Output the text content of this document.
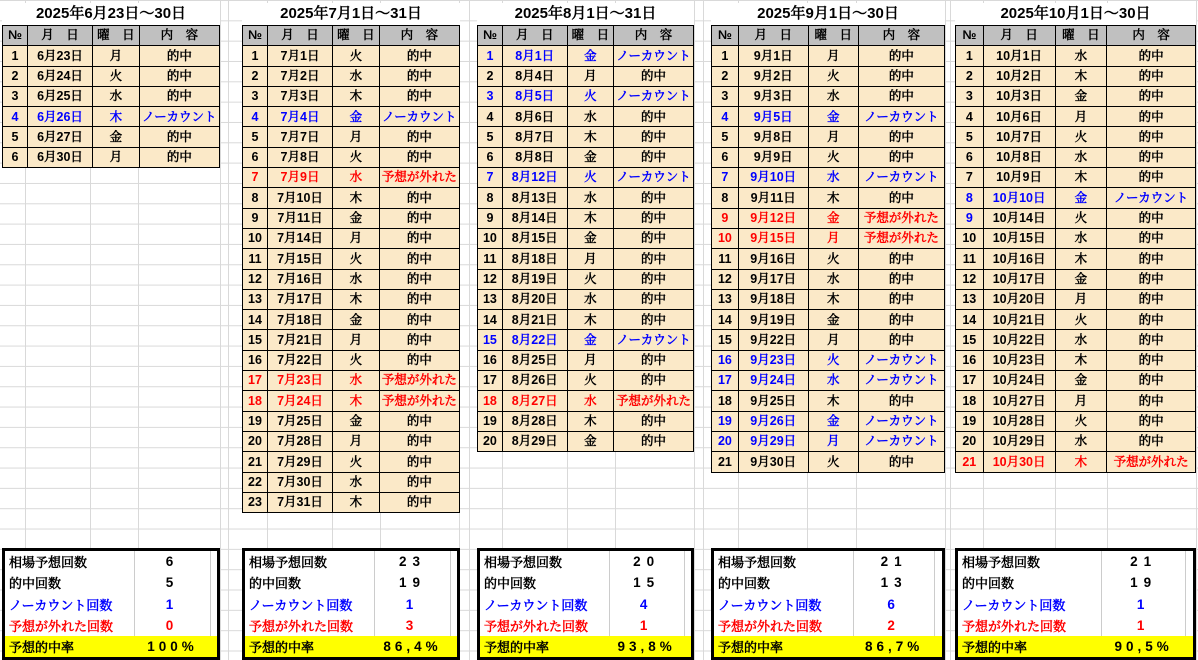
2025年6月23日〜30日
№	月　日	曜　日	内　容
1	6月23日	月	的中
2	6月24日	火	的中
3	6月25日	水	的中
4	6月26日	木	ノーカウント
5	6月27日	金	的中
6	6月30日	月	的中
相場予想回数	6
的中回数	5
ノーカウント回数	1
予想が外れた回数	0
予想的中率	100%
2025年7月1日〜31日
№	月　日	曜　日	内　容
1	7月1日	火	的中
2	7月2日	水	的中
3	7月3日	木	的中
4	7月4日	金	ノーカウント
5	7月7日	月	的中
6	7月8日	火	的中
7	7月9日	水	予想が外れた
8	7月10日	木	的中
9	7月11日	金	的中
10	7月14日	月	的中
11	7月15日	火	的中
12	7月16日	水	的中
13	7月17日	木	的中
14	7月18日	金	的中
15	7月21日	月	的中
16	7月22日	火	的中
17	7月23日	水	予想が外れた
18	7月24日	木	予想が外れた
19	7月25日	金	的中
20	7月28日	月	的中
21	7月29日	火	的中
22	7月30日	水	的中
23	7月31日	木	的中
相場予想回数	23
的中回数	19
ノーカウント回数	1
予想が外れた回数	3
予想的中率	86,4%
2025年8月1日〜31日
№	月　日	曜　日	内　容
1	8月1日	金	ノーカウント
2	8月4日	月	的中
3	8月5日	火	ノーカウント
4	8月6日	水	的中
5	8月7日	木	的中
6	8月8日	金	的中
7	8月12日	火	ノーカウント
8	8月13日	水	的中
9	8月14日	木	的中
10	8月15日	金	的中
11	8月18日	月	的中
12	8月19日	火	的中
13	8月20日	水	的中
14	8月21日	木	的中
15	8月22日	金	ノーカウント
16	8月25日	月	的中
17	8月26日	火	的中
18	8月27日	水	予想が外れた
19	8月28日	木	的中
20	8月29日	金	的中
相場予想回数	20
的中回数	15
ノーカウント回数	4
予想が外れた回数	1
予想的中率	93,8%
2025年9月1日〜30日
№	月　日	曜　日	内　容
1	9月1日	月	的中
2	9月2日	火	的中
3	9月3日	水	的中
4	9月5日	金	ノーカウント
5	9月8日	月	的中
6	9月9日	火	的中
7	9月10日	水	ノーカウント
8	9月11日	木	的中
9	9月12日	金	予想が外れた
10	9月15日	月	予想が外れた
11	9月16日	火	的中
12	9月17日	水	的中
13	9月18日	木	的中
14	9月19日	金	的中
15	9月22日	月	的中
16	9月23日	火	ノーカウント
17	9月24日	水	ノーカウント
18	9月25日	木	的中
19	9月26日	金	ノーカウント
20	9月29日	月	ノーカウント
21	9月30日	火	的中
相場予想回数	21
的中回数	13
ノーカウント回数	6
予想が外れた回数	2
予想的中率	86,7%
2025年10月1日〜30日
№	月　日	曜　日	内　容
1	10月1日	水	的中
2	10月2日	木	的中
3	10月3日	金	的中
4	10月6日	月	的中
5	10月7日	火	的中
6	10月8日	水	的中
7	10月9日	木	的中
8	10月10日	金	ノーカウント
9	10月14日	火	的中
10	10月15日	水	的中
11	10月16日	木	的中
12	10月17日	金	的中
13	10月20日	月	的中
14	10月21日	火	的中
15	10月22日	水	的中
16	10月23日	木	的中
17	10月24日	金	的中
18	10月27日	月	的中
19	10月28日	火	的中
20	10月29日	水	的中
21	10月30日	木	予想が外れた
相場予想回数	21
的中回数	19
ノーカウント回数	1
予想が外れた回数	1
予想的中率	90,5%
